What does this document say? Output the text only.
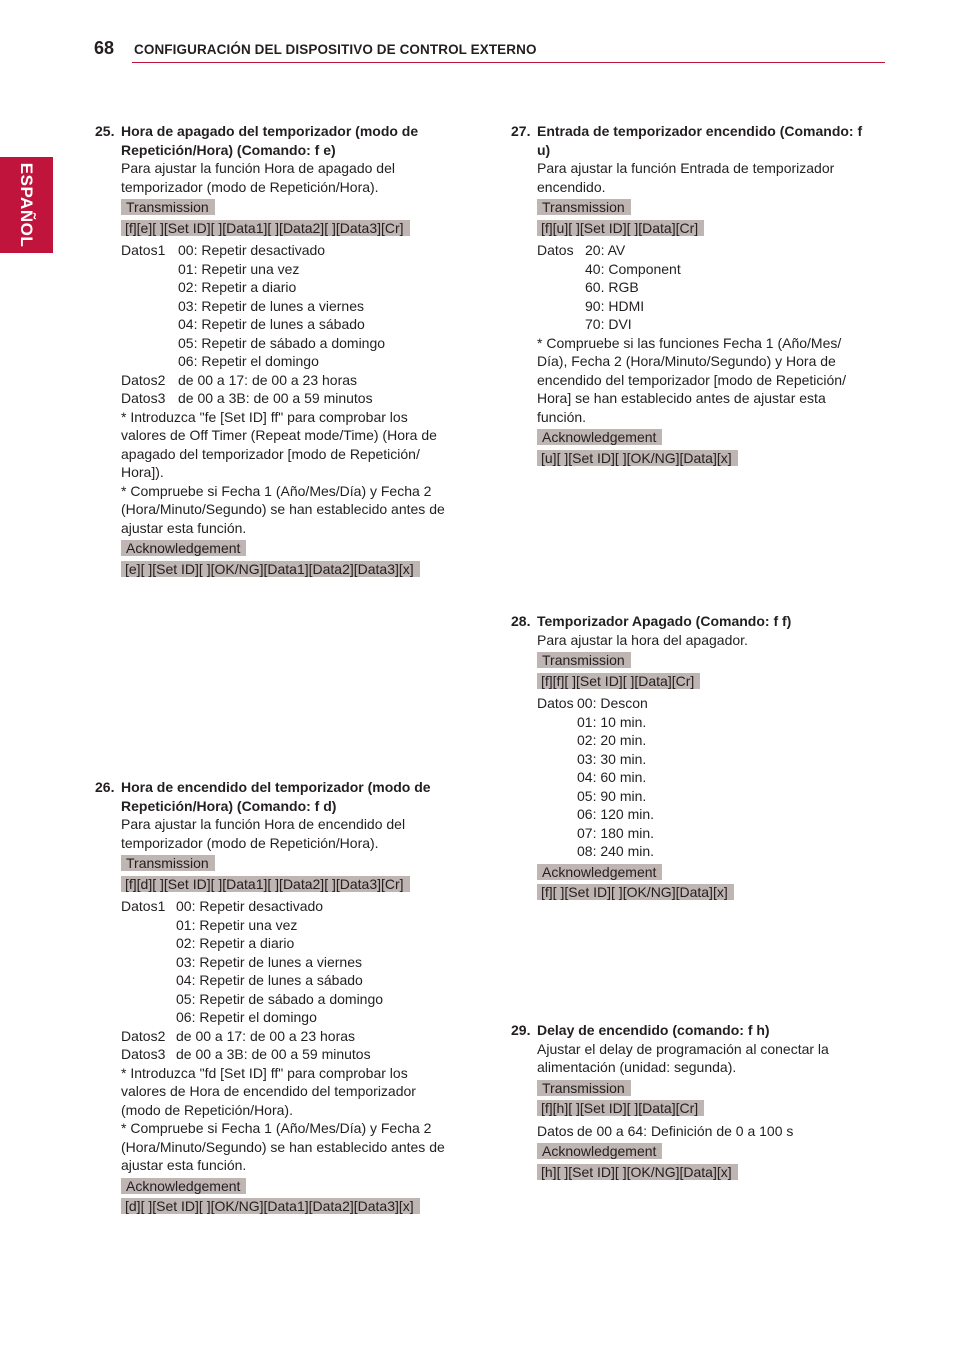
68 CONFIGURACIÓN DEL DISPOSITIVO DE CONTROL EXTERNO
ESPAÑOL
25. Hora de apagado del temporizador (modo de
Repetición/Hora) (Comando: f e)
Para ajustar la función Hora de apagado del
temporizador (modo de Repetición/Hora).
Transmission
[f][e][ ][Set ID][ ][Data1][ ][Data2][ ][Data3][Cr]
Datos1 00: Repetir desactivado
01: Repetir una vez
02: Repetir a diario
03: Repetir de lunes a viernes
04: Repetir de lunes a sábado
05: Repetir de sábado a domingo
06: Repetir el domingo
Datos2 de 00 a 17: de 00 a 23 horas
Datos3 de 00 a 3B: de 00 a 59 minutos
* Introduzca "fe [Set ID] ff" para comprobar los
valores de Off Timer (Repeat mode/Time) (Hora de
apagado del temporizador [modo de Repetición/
Hora]).
* Compruebe si Fecha 1 (Año/Mes/Día) y Fecha 2
(Hora/Minuto/Segundo) se han establecido antes de
ajustar esta función.
Acknowledgement
[e][ ][Set ID][ ][OK/NG][Data1][Data2][Data3][x]
26. Hora de encendido del temporizador (modo de
Repetición/Hora) (Comando: f d)
Para ajustar la función Hora de encendido del
temporizador (modo de Repetición/Hora).
Transmission
[f][d][ ][Set ID][ ][Data1][ ][Data2][ ][Data3][Cr]
Datos1 00: Repetir desactivado
01: Repetir una vez
02: Repetir a diario
03: Repetir de lunes a viernes
04: Repetir de lunes a sábado
05: Repetir de sábado a domingo
06: Repetir el domingo
Datos2 de 00 a 17: de 00 a 23 horas
Datos3 de 00 a 3B: de 00 a 59 minutos
* Introduzca "fd [Set ID] ff" para comprobar los
valores de Hora de encendido del temporizador
(modo de Repetición/Hora).
* Compruebe si Fecha 1 (Año/Mes/Día) y Fecha 2
(Hora/Minuto/Segundo) se han establecido antes de
ajustar esta función.
Acknowledgement
[d][ ][Set ID][ ][OK/NG][Data1][Data2][Data3][x]
27. Entrada de temporizador encendido (Comando: f
u)
Para ajustar la función Entrada de temporizador
encendido.
Transmission
[f][u][ ][Set ID][ ][Data][Cr]
Datos 20: AV
40: Component
60. RGB
90: HDMI
70: DVI
* Compruebe si las funciones Fecha 1 (Año/Mes/
Día), Fecha 2 (Hora/Minuto/Segundo) y Hora de
encendido del temporizador [modo de Repetición/
Hora] se han establecido antes de ajustar esta
función.
Acknowledgement
[u][ ][Set ID][ ][OK/NG][Data][x]
28. Temporizador Apagado (Comando: f f)
Para ajustar la hora del apagador.
Transmission
[f][f][ ][Set ID][ ][Data][Cr]
Datos 00: Descon
01: 10 min.
02: 20 min.
03: 30 min.
04: 60 min.
05: 90 min.
06: 120 min.
07: 180 min.
08: 240 min.
Acknowledgement
[f][ ][Set ID][ ][OK/NG][Data][x]
29. Delay de encendido (comando: f h)
Ajustar el delay de programación al conectar la
alimentación (unidad: segunda).
Transmission
[f][h][ ][Set ID][ ][Data][Cr]
Datos de 00 a 64: Definición de 0 a 100 s
Acknowledgement
[h][ ][Set ID][ ][OK/NG][Data][x]
